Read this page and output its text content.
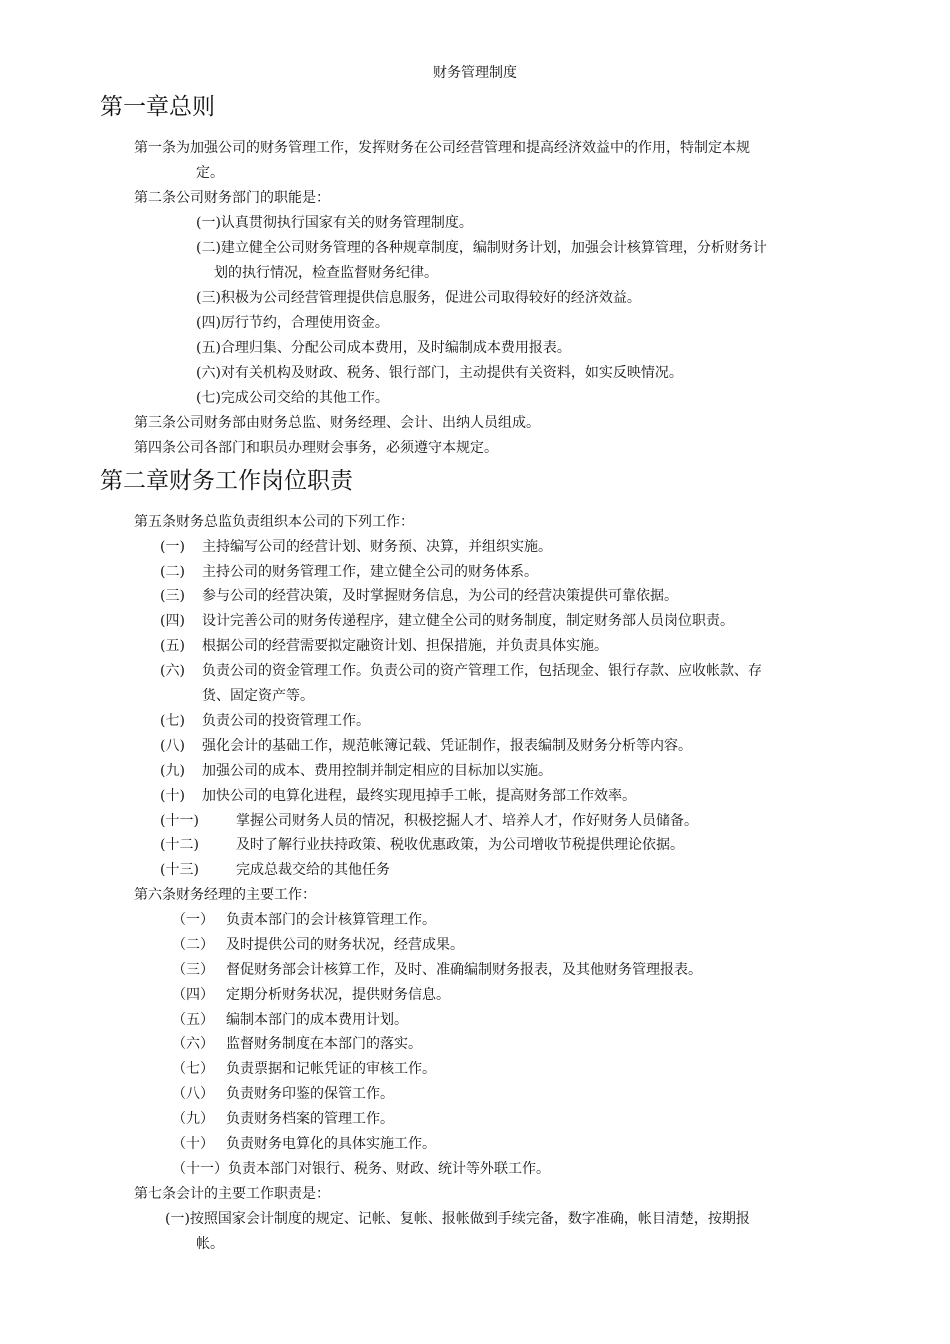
财务管理制度
第一章总则
第一条为加强公司的财务管理工作，发挥财务在公司经营管理和提高经济效益中的作用，特制定本规
定。
第二条公司财务部门的职能是：
(一)认真贯彻执行国家有关的财务管理制度。
(二)建立健全公司财务管理的各种规章制度，编制财务计划，加强会计核算管理，分析财务计
划的执行情况，检查监督财务纪律。
(三)积极为公司经营管理提供信息服务，促进公司取得较好的经济效益。
(四)厉行节约，合理使用资金。
(五)合理归集、分配公司成本费用，及时编制成本费用报表。
(六)对有关机构及财政、税务、银行部门，主动提供有关资料，如实反映情况。
(七)完成公司交给的其他工作。
第三条公司财务部由财务总监、财务经理、会计、出纳人员组成。
第四条公司各部门和职员办理财会事务，必须遵守本规定。
第二章财务工作岗位职责
第五条财务总监负责组织本公司的下列工作：
(一) 主持编写公司的经营计划、财务预、决算，并组织实施。
(二) 主持公司的财务管理工作，建立健全公司的财务体系。
(三) 参与公司的经营决策，及时掌握财务信息，为公司的经营决策提供可靠依据。
(四) 设计完善公司的财务传递程序，建立健全公司的财务制度，制定财务部人员岗位职责。
(五) 根据公司的经营需要拟定融资计划、担保措施，并负责具体实施。
(六) 负责公司的资金管理工作。负责公司的资产管理工作，包括现金、银行存款、应收帐款、存
货、固定资产等。
(七) 负责公司的投资管理工作。
(八) 强化会计的基础工作，规范帐簿记载、凭证制作，报表编制及财务分析等内容。
(九) 加强公司的成本、费用控制并制定相应的目标加以实施。
(十) 加快公司的电算化进程，最终实现甩掉手工帐，提高财务部工作效率。
(十一)	掌握公司财务人员的情况，积极挖掘人才、培养人才，作好财务人员储备。
(十二)	及时了解行业扶持政策、税收优惠政策，为公司增收节税提供理论依据。
(十三)	完成总裁交给的其他任务
第六条财务经理的主要工作：
（一） 负责本部门的会计核算管理工作。
（二） 及时提供公司的财务状况，经营成果。
（三） 督促财务部会计核算工作，及时、准确编制财务报表，及其他财务管理报表。
（四） 定期分析财务状况，提供财务信息。
（五） 编制本部门的成本费用计划。
（六） 监督财务制度在本部门的落实。
（七） 负责票据和记帐凭证的审核工作。
（八） 负责财务印鉴的保管工作。
（九） 负责财务档案的管理工作。
（十） 负责财务电算化的具体实施工作。
（十一）负责本部门对银行、税务、财政、统计等外联工作。
第七条会计的主要工作职责是：
(一)按照国家会计制度的规定、记帐、复帐、报帐做到手续完备，数字准确，帐目清楚，按期报
帐。
